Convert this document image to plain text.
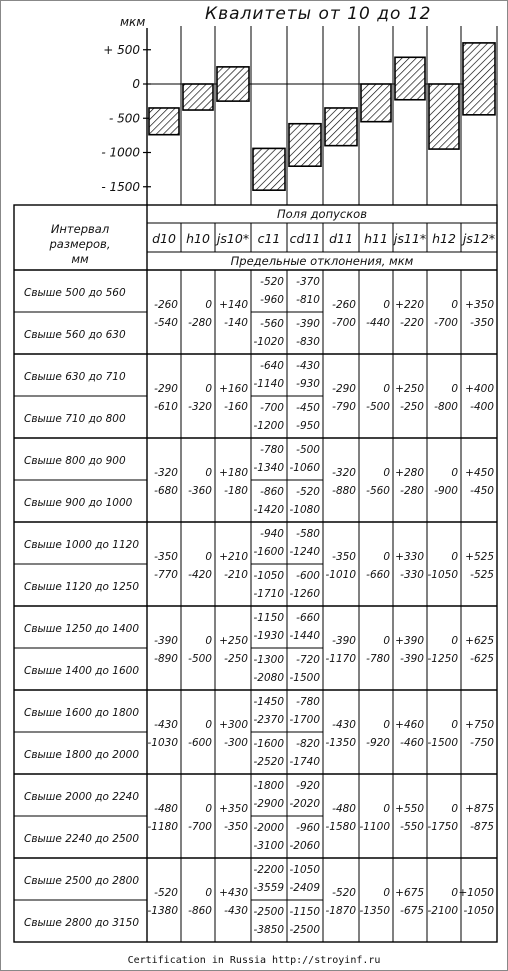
Квалитеты от 10 до 12
мкм
+ 500
0
- 500
- 1000
- 1500
Интервал
размеров,
мм
Поля допусков
Предельные отклонения, мкм
d10 h10 js10* c11 cd11 d11 h11 js11* h12 js12*
Свыше 500 до 560
Свыше 560 до 630
-260
-540
0
-280
+140
-140
-260
-700
0
-440
+220
-220
0
-700
+350
-350
-520
-960
-560
-1020
-370
-810
-390
-830
Свыше 630 до 710
Свыше 710 до 800
-290
-610
0
-320
+160
-160
-290
-790
0
-500
+250
-250
0
-800
+400
-400
-640
-1140
-700
-1200
-430
-930
-450
-950
Свыше 800 до 900
Свыше 900 до 1000
-320
-680
0
-360
+180
-180
-320
-880
0
-560
+280
-280
0
-900
+450
-450
-780
-1340
-860
-1420
-500
-1060
-520
-1080
Свыше 1000 до 1120
Свыше 1120 до 1250
-350
-770
0
-420
+210
-210
-350
-1010
0
-660
+330
-330
0
-1050
+525
-525
-940
-1600
-1050
-1710
-580
-1240
-600
-1260
Свыше 1250 до 1400
Свыше 1400 до 1600
-390
-890
0
-500
+250
-250
-390
-1170
0
-780
+390
-390
0
-1250
+625
-625
-1150
-1930
-1300
-2080
-660
-1440
-720
-1500
Свыше 1600 до 1800
Свыше 1800 до 2000
-430
-1030
0
-600
+300
-300
-430
-1350
0
-920
+460
-460
0
-1500
+750
-750
-1450
-2370
-1600
-2520
-780
-1700
-820
-1740
Свыше 2000 до 2240
Свыше 2240 до 2500
-480
-1180
0
-700
+350
-350
-480
-1580
0
-1100
+550
-550
0
-1750
+875
-875
-1800
-2900
-2000
-3100
-920
-2020
-960
-2060
Свыше 2500 до 2800
Свыше 2800 до 3150
-520
-1380
0
-860
+430
-430
-520
-1870
0
-1350
+675
-675
0
-2100
+1050
-1050
-2200
-3559
-2500
-3850
-1050
-2409
-1150
-2500
Certification in Russia http://stroyinf.ru
